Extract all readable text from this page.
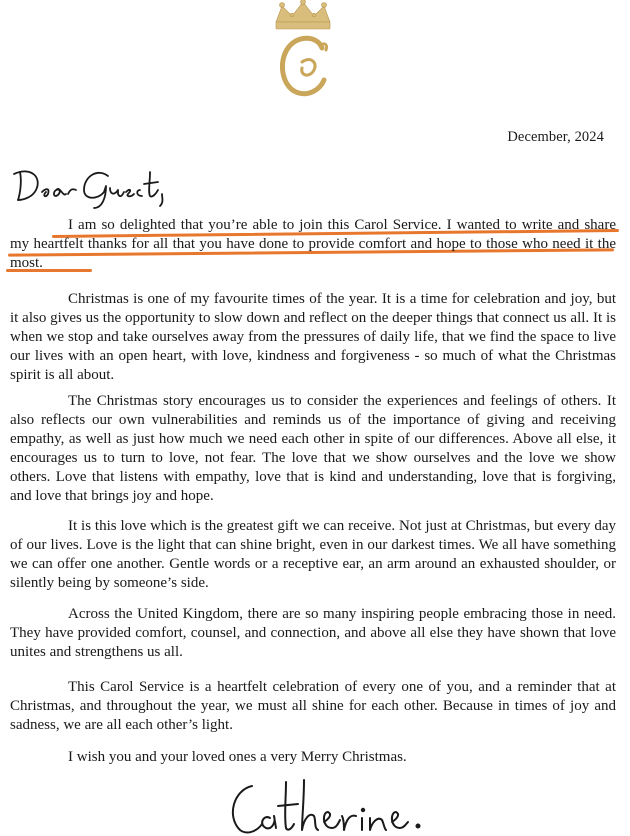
December, 2024

I am so delighted that you’re able to join this Carol Service. I wanted to write and share my heartfelt thanks for all that you have done to provide comfort and hope to those who need it the most.

Christmas is one of my favourite times of the year. It is a time for celebration and joy, but it also gives us the opportunity to slow down and reflect on the deeper things that connect us all. It is when we stop and take ourselves away from the pressures of daily life, that we find the space to live our lives with an open heart, with love, kindness and forgiveness - so much of what the Christmas spirit is all about.

The Christmas story encourages us to consider the experiences and feelings of others. It also reflects our own vulnerabilities and reminds us of the importance of giving and receiving empathy, as well as just how much we need each other in spite of our differences. Above all else, it encourages us to turn to love, not fear. The love that we show ourselves and the love we show others. Love that listens with empathy, love that is kind and understanding, love that is forgiving, and love that brings joy and hope.

It is this love which is the greatest gift we can receive. Not just at Christmas, but every day of our lives. Love is the light that can shine bright, even in our darkest times. We all have something we can offer one another. Gentle words or a receptive ear, an arm around an exhausted shoulder, or silently being by someone’s side.

Across the United Kingdom, there are so many inspiring people embracing those in need. They have provided comfort, counsel, and connection, and above all else they have shown that love unites and strengthens us all.

This Carol Service is a heartfelt celebration of every one of you, and a reminder that at Christmas, and throughout the year, we must all shine for each other. Because in times of joy and sadness, we are all each other’s light.

I wish you and your loved ones a very Merry Christmas.
